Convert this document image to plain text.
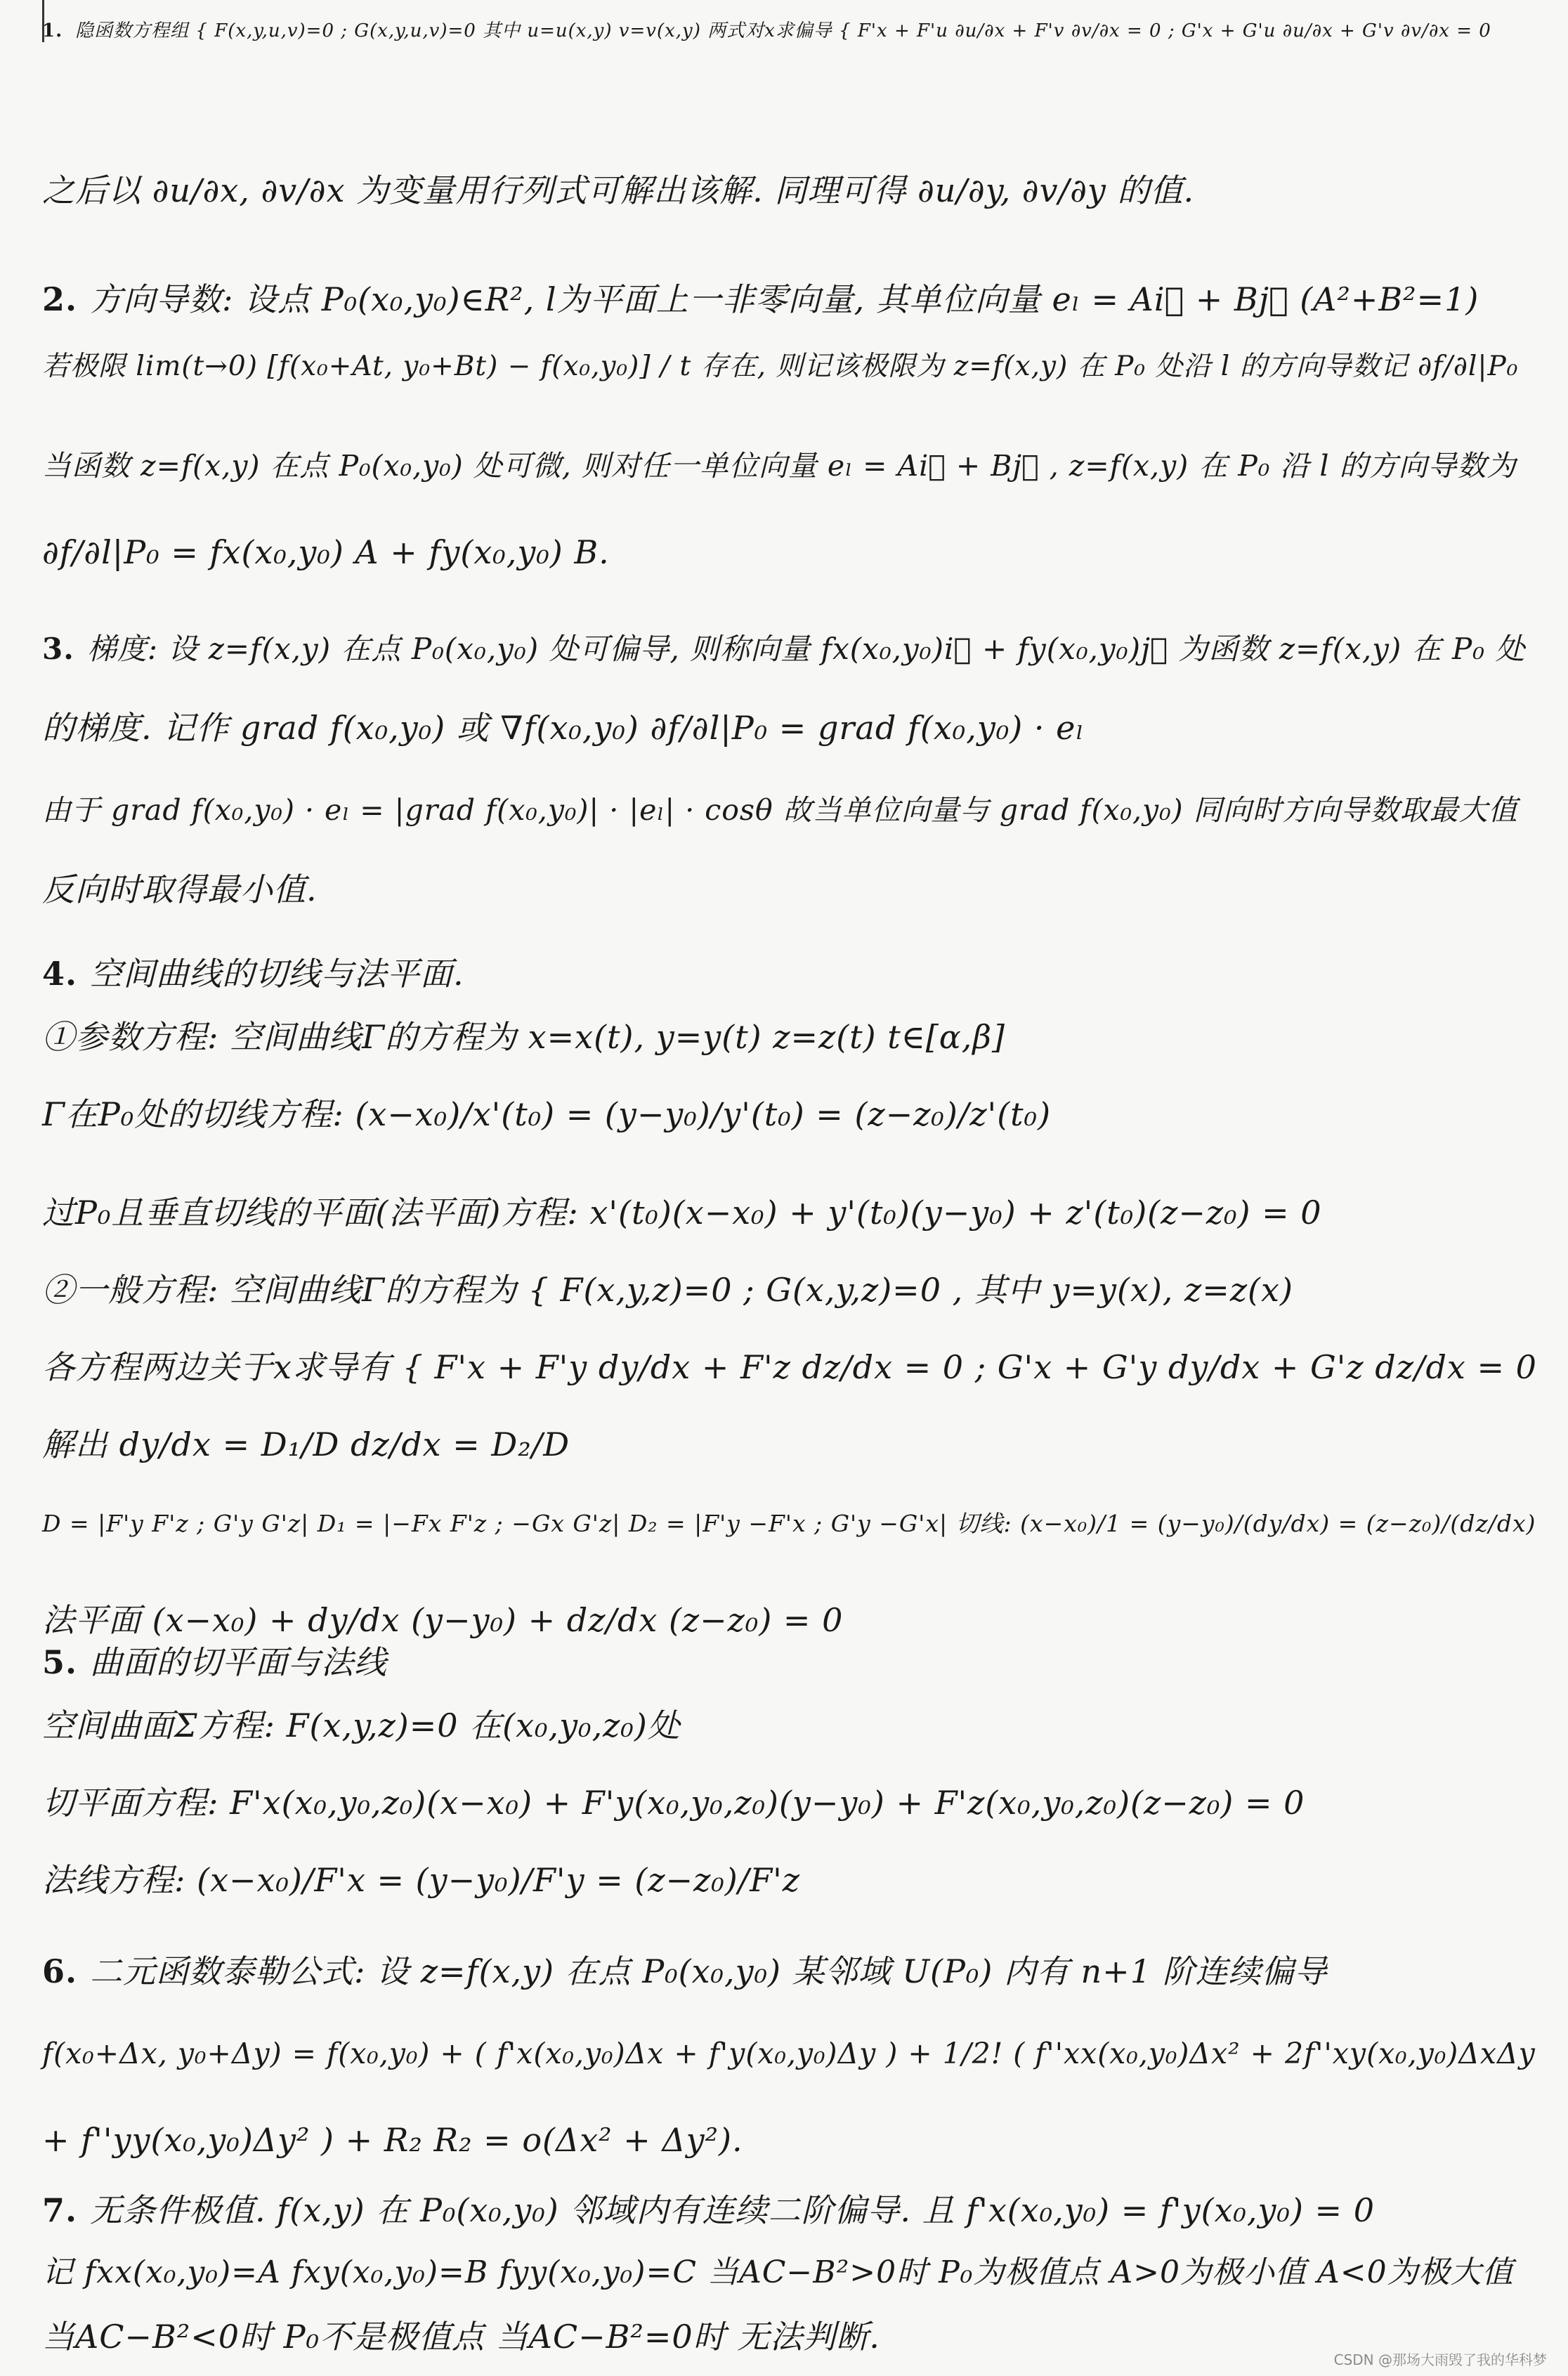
1. 隐函数方程组 { F(x,y,u,v)=0 ; G(x,y,u,v)=0 其中 u=u(x,y) v=v(x,y) 两式对x求偏导 { F'x + F'u ∂u/∂x + F'v ∂v/∂x = 0 ; G'x + G'u ∂u/∂x + G'v ∂v/∂x = 0
之后以 ∂u/∂x, ∂v/∂x 为变量用行列式可解出该解. 同理可得 ∂u/∂y, ∂v/∂y 的值.
2. 方向导数: 设点 P₀(x₀,y₀)∈R², l为平面上一非零向量, 其单位向量 eₗ = Ai⃗ + Bj⃗ (A²+B²=1)
若极限 lim(t→0) [f(x₀+At, y₀+Bt) − f(x₀,y₀)] / t 存在, 则记该极限为 z=f(x,y) 在 P₀ 处沿 l 的方向导数记 ∂f/∂l|P₀
当函数 z=f(x,y) 在点 P₀(x₀,y₀) 处可微, 则对任一单位向量 eₗ = Ai⃗ + Bj⃗ , z=f(x,y) 在 P₀ 沿 l 的方向导数为
∂f/∂l|P₀ = fx(x₀,y₀) A + fy(x₀,y₀) B.
3. 梯度: 设 z=f(x,y) 在点 P₀(x₀,y₀) 处可偏导, 则称向量 fx(x₀,y₀)i⃗ + fy(x₀,y₀)j⃗ 为函数 z=f(x,y) 在 P₀ 处
的梯度. 记作 grad f(x₀,y₀) 或 ∇f(x₀,y₀) ∂f/∂l|P₀ = grad f(x₀,y₀) · eₗ
由于 grad f(x₀,y₀) · eₗ = |grad f(x₀,y₀)| · |eₗ| · cosθ 故当单位向量与 grad f(x₀,y₀) 同向时方向导数取最大值
反向时取得最小值.
4. 空间曲线的切线与法平面.
①参数方程: 空间曲线Γ的方程为 x=x(t), y=y(t) z=z(t) t∈[α,β]
Γ在P₀处的切线方程: (x−x₀)/x'(t₀) = (y−y₀)/y'(t₀) = (z−z₀)/z'(t₀)
过P₀且垂直切线的平面(法平面)方程: x'(t₀)(x−x₀) + y'(t₀)(y−y₀) + z'(t₀)(z−z₀) = 0
②一般方程: 空间曲线Γ的方程为 { F(x,y,z)=0 ; G(x,y,z)=0 , 其中 y=y(x), z=z(x)
各方程两边关于x求导有 { F'x + F'y dy/dx + F'z dz/dx = 0 ; G'x + G'y dy/dx + G'z dz/dx = 0
解出 dy/dx = D₁/D dz/dx = D₂/D
D = |F'y F'z ; G'y G'z| D₁ = |−Fx F'z ; −Gx G'z| D₂ = |F'y −F'x ; G'y −G'x| 切线: (x−x₀)/1 = (y−y₀)/(dy/dx) = (z−z₀)/(dz/dx)
法平面 (x−x₀) + dy/dx (y−y₀) + dz/dx (z−z₀) = 0
5. 曲面的切平面与法线
空间曲面Σ方程: F(x,y,z)=0 在(x₀,y₀,z₀)处
切平面方程: F'x(x₀,y₀,z₀)(x−x₀) + F'y(x₀,y₀,z₀)(y−y₀) + F'z(x₀,y₀,z₀)(z−z₀) = 0
法线方程: (x−x₀)/F'x = (y−y₀)/F'y = (z−z₀)/F'z
6. 二元函数泰勒公式: 设 z=f(x,y) 在点 P₀(x₀,y₀) 某邻域 U(P₀) 内有 n+1 阶连续偏导
f(x₀+Δx, y₀+Δy) = f(x₀,y₀) + ( f'x(x₀,y₀)Δx + f'y(x₀,y₀)Δy ) + 1/2! ( f''xx(x₀,y₀)Δx² + 2f''xy(x₀,y₀)ΔxΔy
+ f''yy(x₀,y₀)Δy² ) + R₂ R₂ = o(Δx² + Δy²).
7. 无条件极值. f(x,y) 在 P₀(x₀,y₀) 邻域内有连续二阶偏导. 且 f'x(x₀,y₀) = f'y(x₀,y₀) = 0
记 fxx(x₀,y₀)=A fxy(x₀,y₀)=B fyy(x₀,y₀)=C 当AC−B²>0时 P₀为极值点 A>0为极小值 A<0为极大值
当AC−B²<0时 P₀不是极值点 当AC−B²=0时 无法判断.
CSDN @那场大雨毁了我的华科梦
